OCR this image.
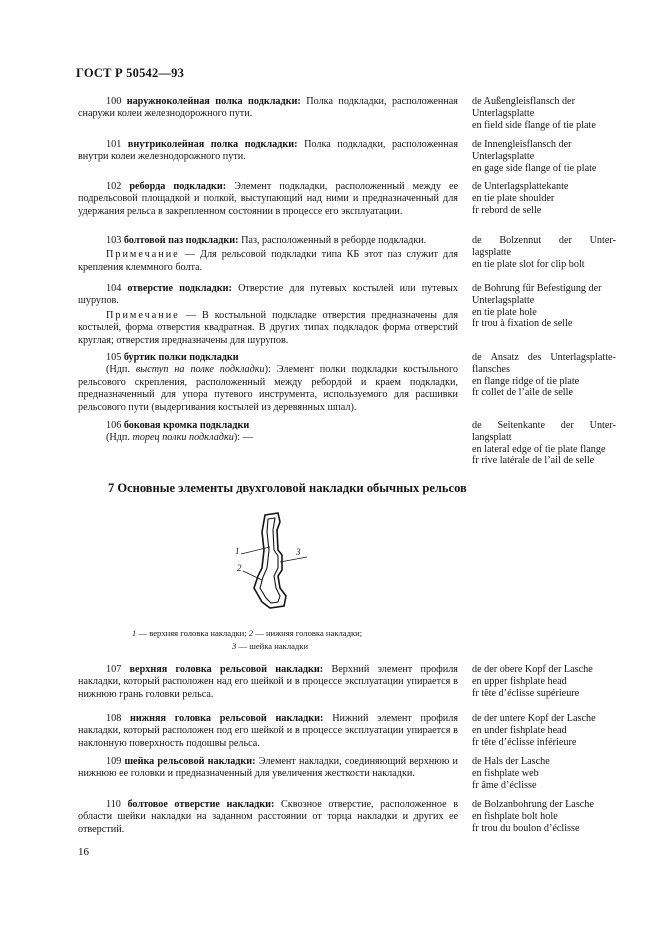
ГОСТ Р 50542—93

100 наружноколейная полка подкладки: Полка подкладки, расположенная снаружи колеи железнодорожного пути.

de Außengleisflansch der Unterlagsplatte
en field side flange of tie plate

101 внутриколейная полка подкладки: Полка подкладки, расположенная внутри колеи железнодорожного пути.

de Innengleisflansch der Unterlagsplatte
en gage side flange of tie plate

102 реборда подкладки: Элемент подкладки, расположенный между ее подрельсовой площадкой и полкой, выступающий над ними и предназначенный для удержания рельса в закрепленном состоянии в процессе его эксплуатации.

de Unterlagsplattekante
en tie plate shoulder
fr rebord de selle

103 болтовой паз подкладки: Паз, расположенный в реборде подкладки.

Примечание — Для рельсовой подкладки типа КБ этот паз служит для крепления клеммного болта.

de Bolzennut der Unter-
lagsplatte
en tie plate slot for clip bolt

104 отверстие подкладки: Отверстие для путевых костылей или путевых шурупов.

Примечание — В костыльной подкладке отверстия предназначены для костылей, форма отверстия квадратная. В других типах подкладок форма отверстий круглая; отверстия предназначены для шурупов.

de Bohrung für Befestigung der Unterlagsplatte
en tie plate hole
fr trou à fixation de selle

105 буртик полки подкладки

(Ндп. выступ на полке подкладки): Элемент полки подкладки костыльного рельсового скрепления, расположенный между ребордой и краем подкладки, предназначенный для упора путевого инструмента, используемого для расшивки рельсового пути (выдергивания костылей из деревянных шпал).

de Ansatz des Unterlagsplatte-
flansches
en flange ridge of tie plate
fr collet de l’aile de selle

106 боковая кромка подкладки

(Ндп. торец полки подкладки): —

de Seitenkante der Unter-
langsplatt
en lateral edge of tie plate flange
fr rive latérale de l’ail de selle
7 Основные элементы двухголовой накладки обычных рельсов
1
2
3
1 — верхняя головка накладки; 2 — нижняя головка накладки;
3 — шейка накладки

107 верхняя головка рельсовой накладки: Верхний элемент профиля накладки, который расположен над его шейкой и в процессе эксплуатации упирается в нижнюю грань головки рельса.

de der obere Kopf der Lasche
en upper fishplate head
fr tête d’éclisse supérieure

108 нижняя головка рельсовой накладки: Нижний элемент профиля накладки, который расположен под его шейкой и в процессе эксплуатации упирается в наклонную поверхность подошвы рельса.

de der untere Kopf der Lasche
en under fishplate head
fr tête d’éclisse inférieure

109 шейка рельсовой накладки: Элемент накладки, соединяющий верхнюю и нижнюю ее головки и предназначенный для увеличения жесткости накладки.

de Hals der Lasche
en fishplate web
fr âme d’éclisse

110 болтовое отверстие накладки: Сквозное отверстие, расположенное в области шейки накладки на заданном расстоянии от торца накладки и других ее отверстий.

de Bolzanbohrung der Lasche
en fishplate bolt hole
fr trou du boulon d’éclisse
16
